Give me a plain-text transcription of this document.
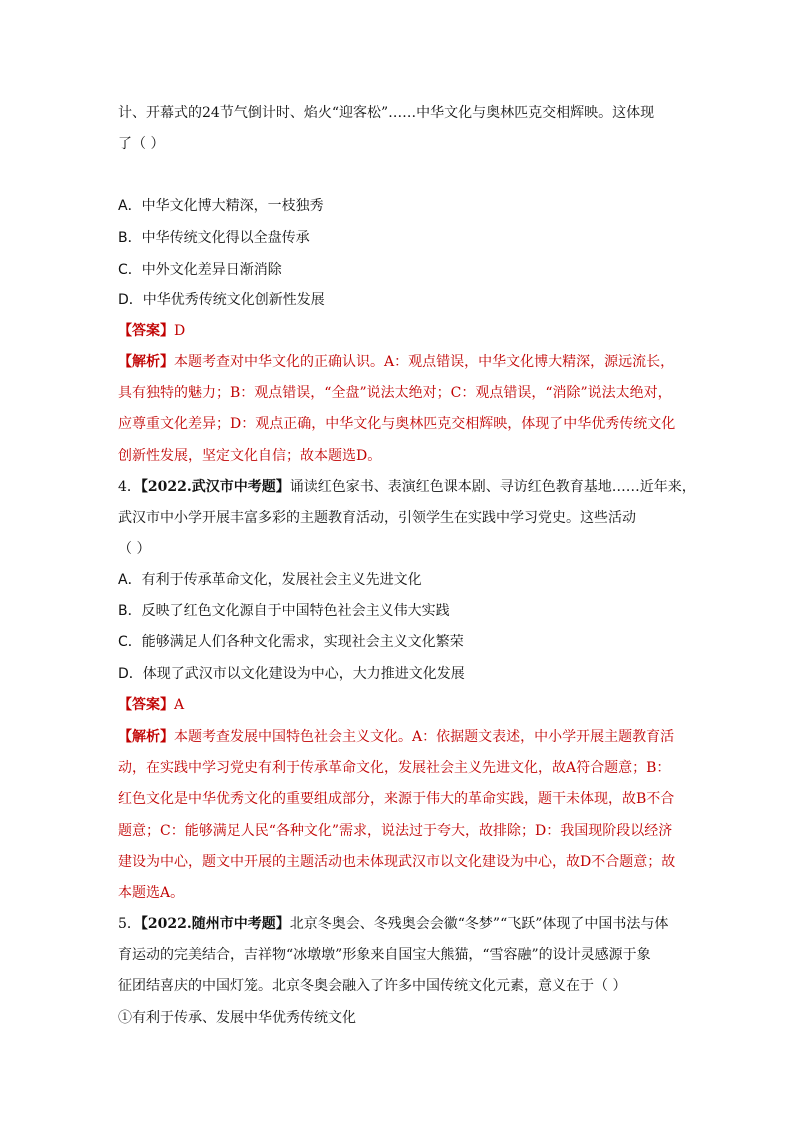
计、开幕式的24节气倒计时、焰火“迎客松”……中华文化与奥林匹克交相辉映。这体现
了（ ）
A．中华文化博大精深，一枝独秀
B．中华传统文化得以全盘传承
C．中外文化差异日渐消除
D．中华优秀传统文化创新性发展
【答案】D
【解析】本题考查对中华文化的正确认识。A：观点错误，中华文化博大精深，源远流长，
具有独特的魅力；B：观点错误，“全盘”说法太绝对；C：观点错误，“消除”说法太绝对，
应尊重文化差异；D：观点正确，中华文化与奥林匹克交相辉映，体现了中华优秀传统文化
创新性发展，坚定文化自信；故本题选D。
4．【2022.武汉市中考题】诵读红色家书、表演红色课本剧、寻访红色教育基地……近年来，
武汉市中小学开展丰富多彩的主题教育活动，引领学生在实践中学习党史。这些活动
（ ）
A．有利于传承革命文化，发展社会主义先进文化
B．反映了红色文化源自于中国特色社会主义伟大实践
C．能够满足人们各种文化需求，实现社会主义文化繁荣
D．体现了武汉市以文化建设为中心，大力推进文化发展
【答案】A
【解析】本题考查发展中国特色社会主义文化。A：依据题文表述，中小学开展主题教育活
动，在实践中学习党史有利于传承革命文化，发展社会主义先进文化，故A符合题意；B：
红色文化是中华优秀文化的重要组成部分，来源于伟大的革命实践，题干未体现，故B不合
题意；C：能够满足人民“各种文化”需求，说法过于夸大，故排除；D：我国现阶段以经济
建设为中心，题文中开展的主题活动也未体现武汉市以文化建设为中心，故D不合题意；故
本题选A。
5．【2022.随州市中考题】北京冬奥会、冬残奥会会徽“冬梦”“飞跃”体现了中国书法与体
育运动的完美结合，吉祥物“冰墩墩”形象来自国宝大熊猫，“雪容融”的设计灵感源于象
征团结喜庆的中国灯笼。北京冬奥会融入了许多中国传统文化元素，意义在于（ ）
①有利于传承、发展中华优秀传统文化
